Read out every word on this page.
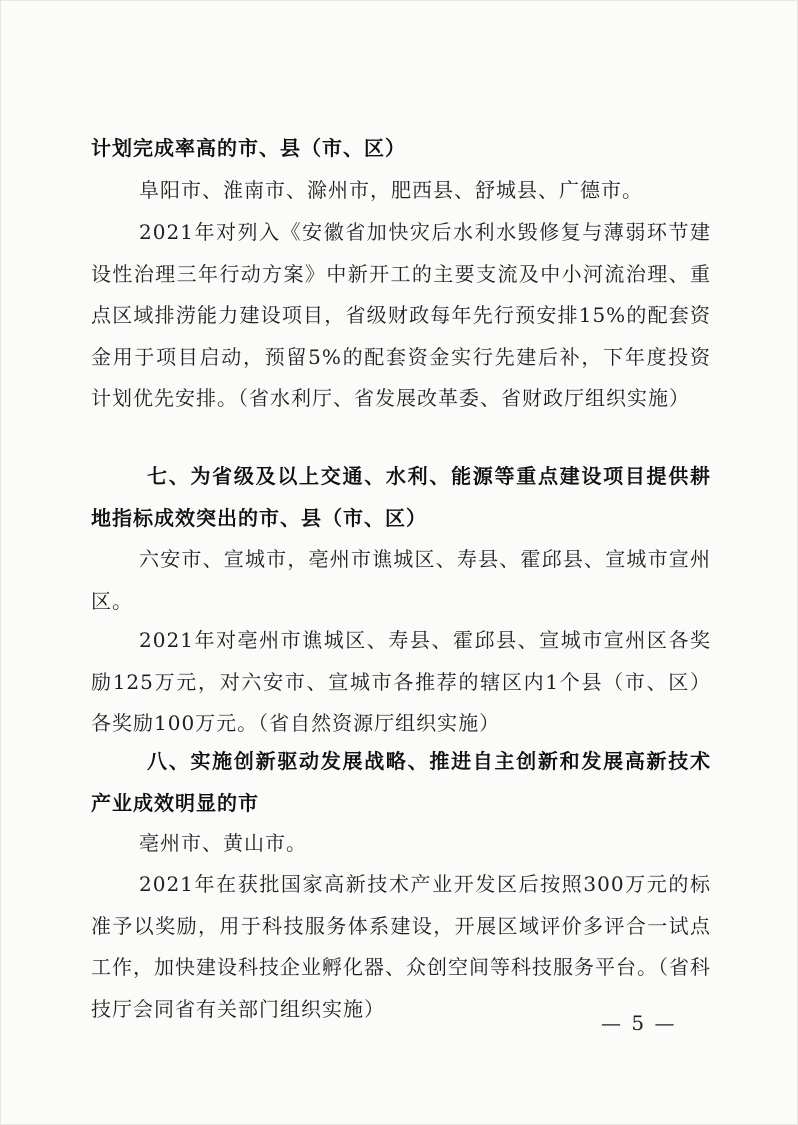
计划完成率高的市、县（市、区）

阜阳市、淮南市、滁州市，肥西县、舒城县、广德市。

2021年对列入《安徽省加快灾后水利水毁修复与薄弱环节建设性治理三年行动方案》中新开工的主要支流及中小河流治理、重点区域排涝能力建设项目，省级财政每年先行预安排15%的配套资金用于项目启动，预留5%的配套资金实行先建后补，下年度投资计划优先安排。（省水利厅、省发展改革委、省财政厅组织实施）

七、为省级及以上交通、水利、能源等重点建设项目提供耕地指标成效突出的市、县（市、区）

六安市、宣城市，亳州市谯城区、寿县、霍邱县、宣城市宣州区。

2021年对亳州市谯城区、寿县、霍邱县、宣城市宣州区各奖励125万元，对六安市、宣城市各推荐的辖区内1个县（市、区）各奖励100万元。（省自然资源厅组织实施）

八、实施创新驱动发展战略、推进自主创新和发展高新技术产业成效明显的市

亳州市、黄山市。

2021年在获批国家高新技术产业开发区后按照300万元的标准予以奖励，用于科技服务体系建设，开展区域评价多评合一试点工作，加快建设科技企业孵化器、众创空间等科技服务平台。（省科技厅会同省有关部门组织实施）

— 5 —
